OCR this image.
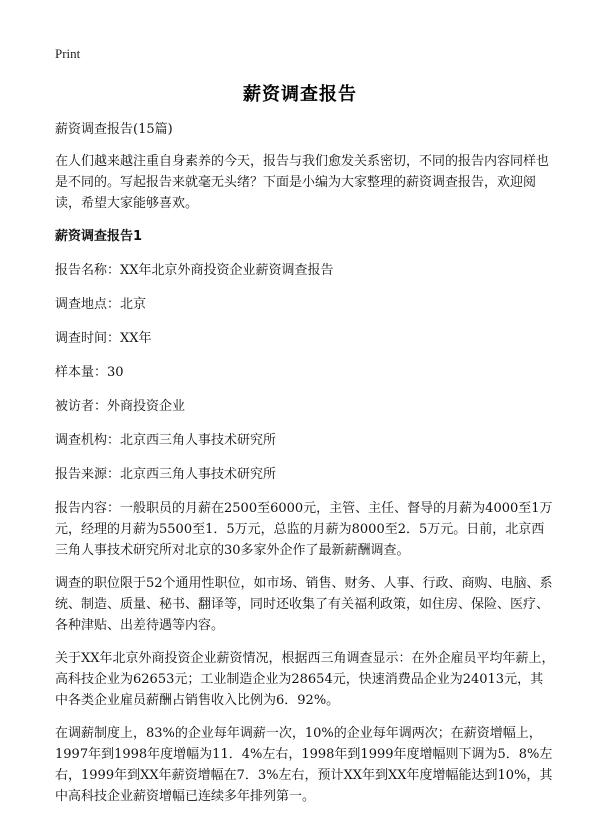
Print
薪资调查报告

薪资调查报告(15篇)

在人们越来越注重自身素养的今天，报告与我们愈发关系密切，不同的报告内容同样也是不同的。写起报告来就毫无头绪？下面是小编为大家整理的薪资调查报告，欢迎阅读，希望大家能够喜欢。

薪资调查报告1

报告名称：XX年北京外商投资企业薪资调查报告

调查地点：北京

调查时间：XX年

样本量：30

被访者：外商投资企业

调查机构：北京西三角人事技术研究所

报告来源：北京西三角人事技术研究所

报告内容：一般职员的月薪在2500至6000元，主管、主任、督导的月薪为4000至1万元，经理的月薪为5500至1．5万元，总监的月薪为8000至2．5万元。日前，北京西三角人事技术研究所对北京的30多家外企作了最新薪酬调查。

调查的职位限于52个通用性职位，如市场、销售、财务、人事、行政、商购、电脑、系统、制造、质量、秘书、翻译等，同时还收集了有关福利政策，如住房、保险、医疗、各种津贴、出差待遇等内容。

关于XX年北京外商投资企业薪资情况，根据西三角调查显示：在外企雇员平均年薪上，高科技企业为62653元；工业制造企业为28654元，快速消费品企业为24013元，其中各类企业雇员薪酬占销售收入比例为6．92%。

在调薪制度上，83%的企业每年调薪一次，10%的企业每年调两次；在薪资增幅上，1997年到1998年度增幅为11．4%左右，1998年到1999年度增幅则下调为5．8%左右，1999年到XX年薪资增幅在7．3%左右，预计XX年到XX年度增幅能达到10%，其中高科技企业薪资增幅已连续多年排列第一。
